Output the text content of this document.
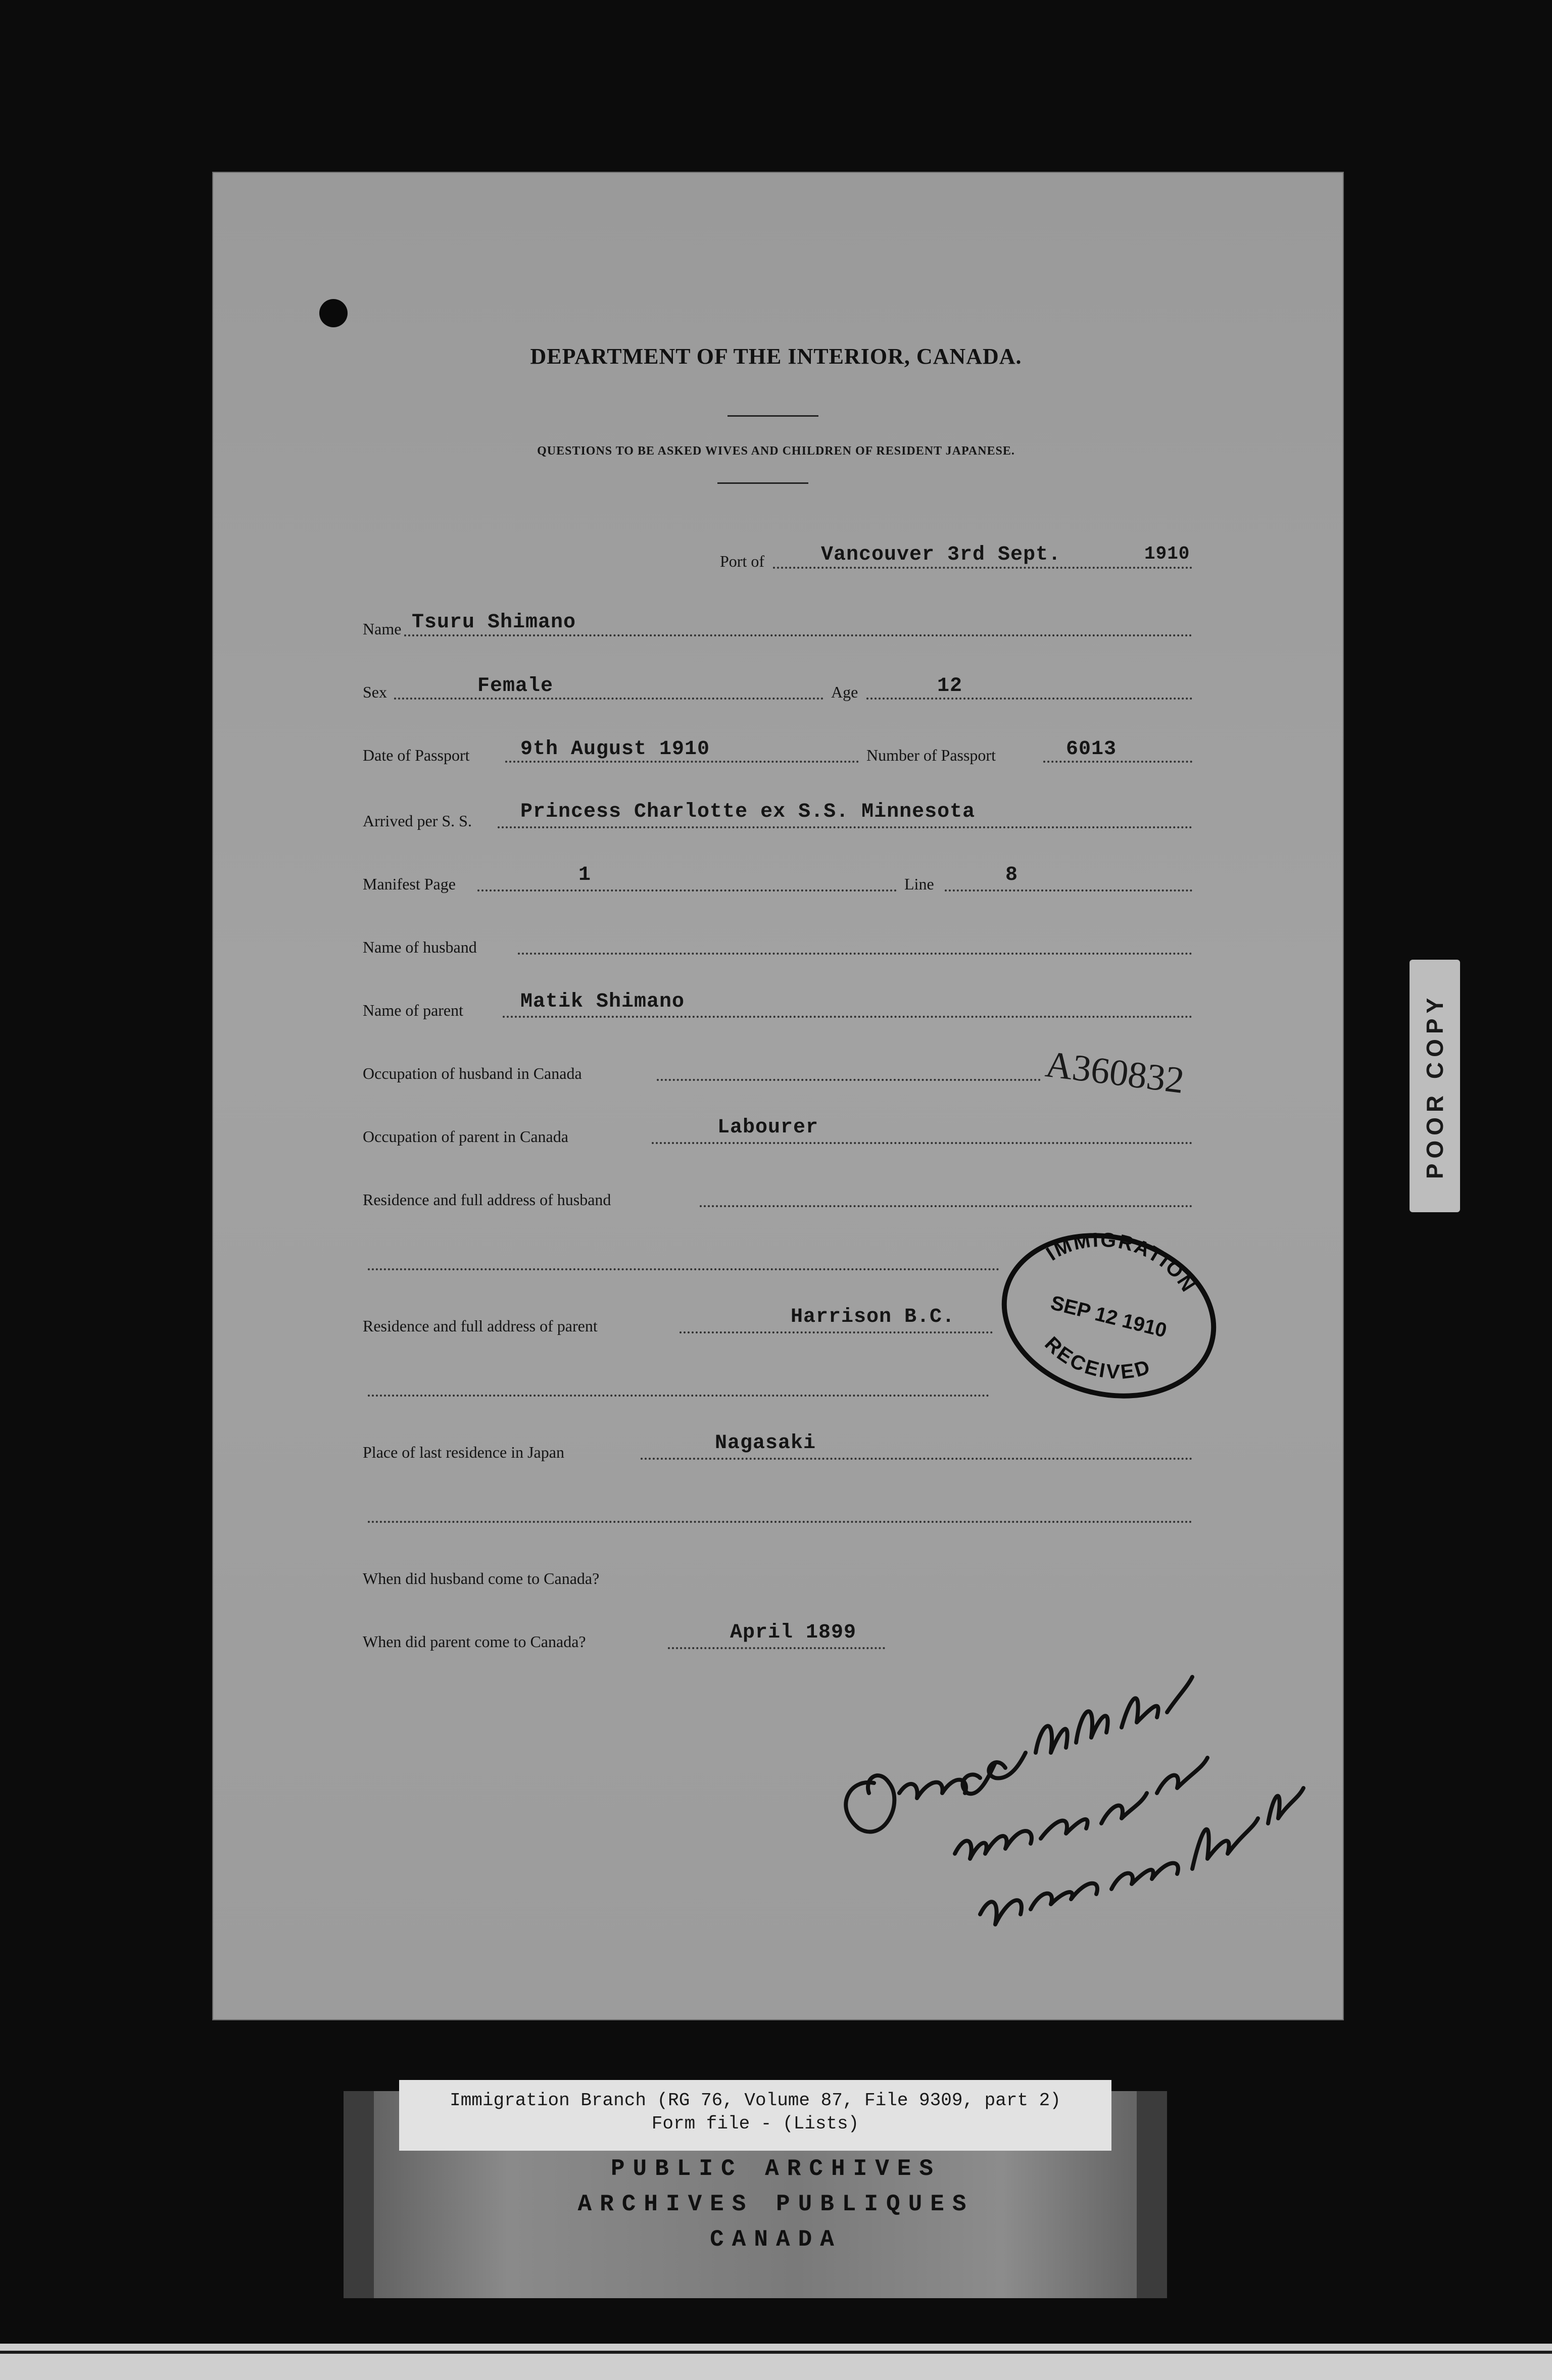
DEPARTMENT OF THE INTERIOR, CANADA.
QUESTIONS TO BE ASKED WIVES AND CHILDREN OF RESIDENT JAPANESE.
Port of	Vancouver 3rd Sept.	1910
Name Tsuru Shimano
Sex	Female	Age	12
Date of Passport	9th August 1910	Number of Passport	6013
Arrived per S. S. Princess Charlotte ex S.S. Minnesota
Manifest Page	1	Line	8
Name of husband
Name of parent	Matik Shimano
Occupation of husband in Canada	A360832
Occupation of parent in Canada	Labourer
Residence and full address of husband
IMMIGRATION
SEP 12 1910
RECEIVED
Residence and full address of parent	Harrison B.C.
Place of last residence in Japan	Nagasaki
When did husband come to Canada?
When did parent come to Canada?	April 1899
POOR COPY
Immigration Branch (RG 76, Volume 87, File 9309, part 2)
Form file - (Lists)
PUBLIC ARCHIVES
ARCHIVES PUBLIQUES
CANADA
